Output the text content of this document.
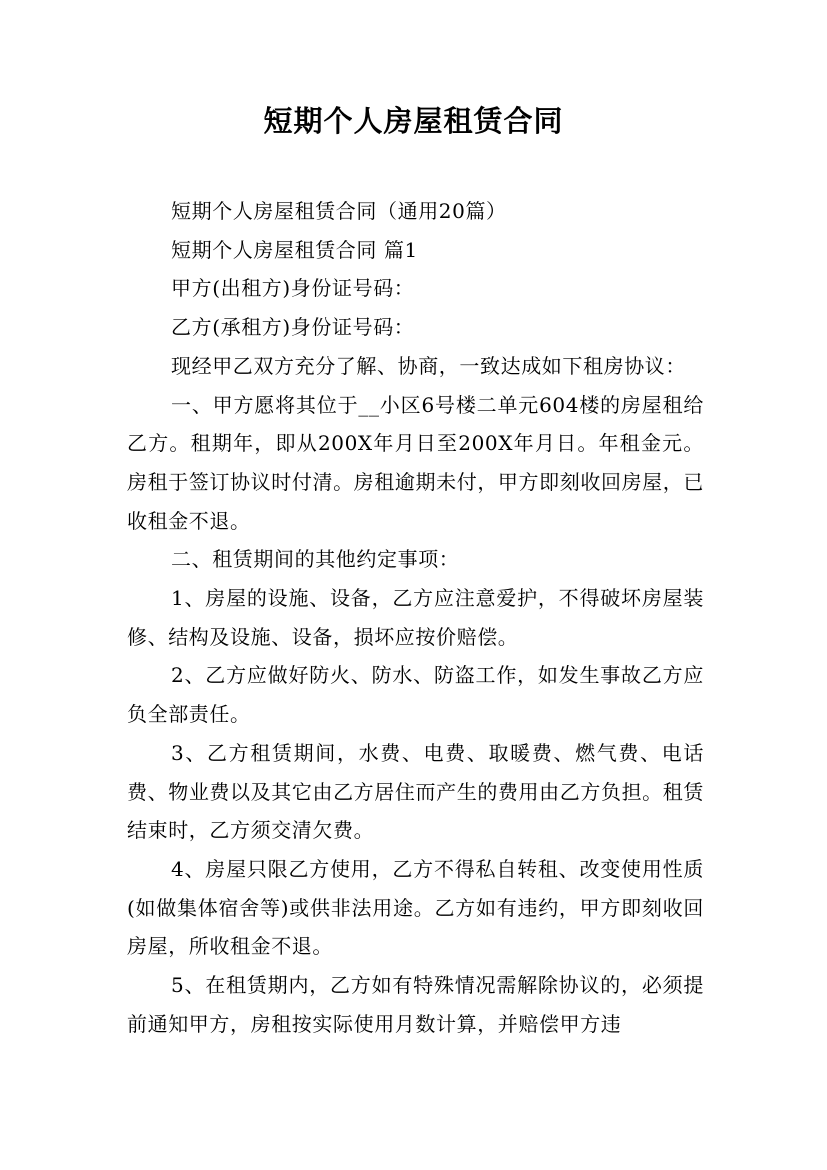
短期个人房屋租赁合同

短期个人房屋租赁合同（通用20篇）

短期个人房屋租赁合同 篇1

甲方(出租方)身份证号码：

乙方(承租方)身份证号码：

现经甲乙双方充分了解、协商，一致达成如下租房协议：

一、甲方愿将其位于__小区6号楼二单元604楼的房屋租给乙方。租期年，即从200X年月日至200X年月日。年租金元。房租于签订协议时付清。房租逾期未付，甲方即刻收回房屋，已收租金不退。

二、租赁期间的其他约定事项：

1、房屋的设施、设备，乙方应注意爱护，不得破坏房屋装修、结构及设施、设备，损坏应按价赔偿。

2、乙方应做好防火、防水、防盗工作，如发生事故乙方应负全部责任。

3、乙方租赁期间，水费、电费、取暖费、燃气费、电话费、物业费以及其它由乙方居住而产生的费用由乙方负担。租赁结束时，乙方须交清欠费。

4、房屋只限乙方使用，乙方不得私自转租、改变使用性质(如做集体宿舍等)或供非法用途。乙方如有违约，甲方即刻收回房屋，所收租金不退。

5、在租赁期内，乙方如有特殊情况需解除协议的，必须提前通知甲方，房租按实际使用月数计算，并赔偿甲方违
